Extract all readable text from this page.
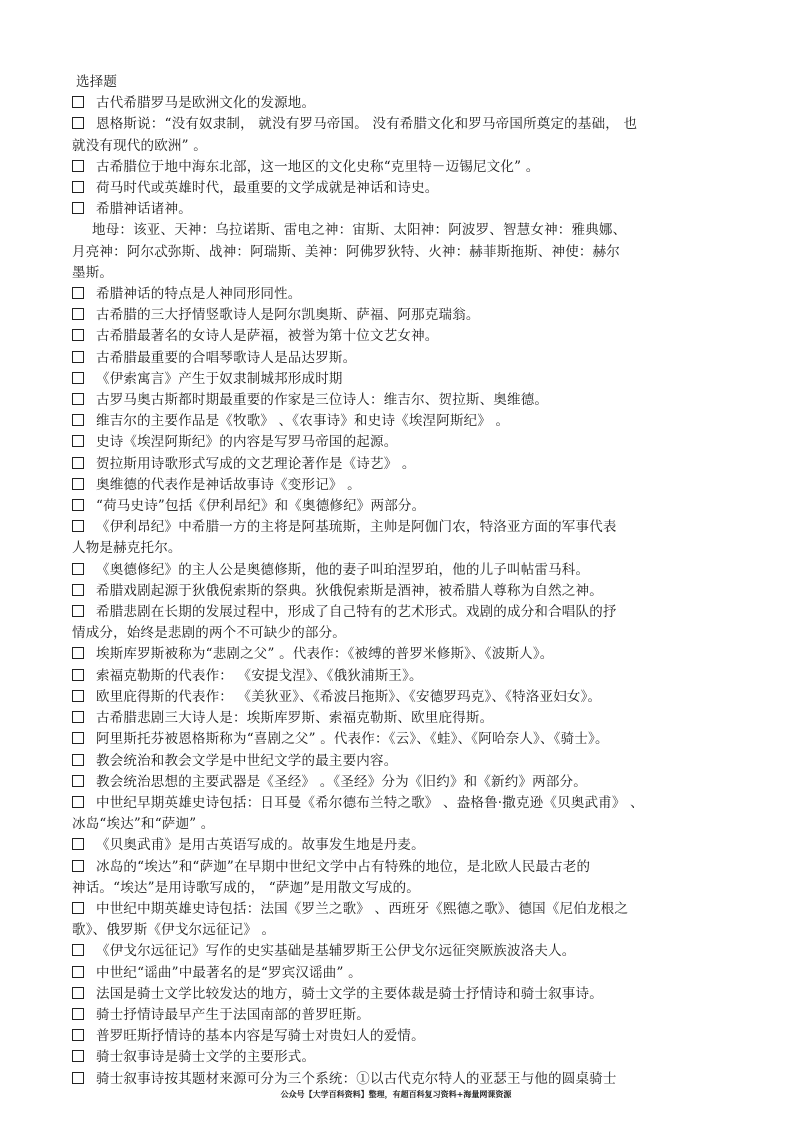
选择题
古代希腊罗马是欧洲文化的发源地。
恩格斯说：“没有奴隶制， 就没有罗马帝国。 没有希腊文化和罗马帝国所奠定的基础， 也
就没有现代的欧洲” 。
古希腊位于地中海东北部，这一地区的文化史称“克里特－迈锡尼文化” 。
荷马时代或英雄时代，最重要的文学成就是神话和诗史。
希腊神话诸神。
地母：该亚、天神：乌拉诺斯、雷电之神：宙斯、太阳神：阿波罗、智慧女神：雅典娜、
月亮神：阿尔忒弥斯、战神：阿瑞斯、美神：阿佛罗狄特、火神：赫菲斯拖斯、神使：赫尔
墨斯。
希腊神话的特点是人神同形同性。
古希腊的三大抒情竖歌诗人是阿尔凯奥斯、萨福、阿那克瑞翁。
古希腊最著名的女诗人是萨福，被誉为第十位文艺女神。
古希腊最重要的合唱琴歌诗人是品达罗斯。
《伊索寓言》产生于奴隶制城邦形成时期
古罗马奥古斯都时期最重要的作家是三位诗人：维吉尔、贺拉斯、奥维德。
维吉尔的主要作品是《牧歌》 、《农事诗》和史诗《埃涅阿斯纪》 。
史诗《埃涅阿斯纪》的内容是写罗马帝国的起源。
贺拉斯用诗歌形式写成的文艺理论著作是《诗艺》 。
奥维德的代表作是神话故事诗《变形记》 。
“荷马史诗”包括《伊利昂纪》和《奥德修纪》两部分。
《伊利昂纪》中希腊一方的主将是阿基琉斯，主帅是阿伽门农，特洛亚方面的军事代表
人物是赫克托尔。
《奥德修纪》的主人公是奥德修斯，他的妻子叫珀涅罗珀，他的儿子叫帖雷马科。
希腊戏剧起源于狄俄倪索斯的祭典。狄俄倪索斯是酒神，被希腊人尊称为自然之神。
希腊悲剧在长期的发展过程中，形成了自己特有的艺术形式。戏剧的成分和合唱队的抒
情成分，始终是悲剧的两个不可缺少的部分。
埃斯库罗斯被称为“悲剧之父” 。代表作：《被缚的普罗米修斯》、《波斯人》。
索福克勒斯的代表作： 《安提戈涅》、《俄狄浦斯王》。
欧里庇得斯的代表作： 《美狄亚》、《希波吕拖斯》、《安德罗玛克》、《特洛亚妇女》。
古希腊悲剧三大诗人是：埃斯库罗斯、索福克勒斯、欧里庇得斯。
阿里斯托芬被恩格斯称为“喜剧之父” 。代表作：《云》、《蛙》、《阿哈奈人》、《骑士》。
教会统治和教会文学是中世纪文学的最主要内容。
教会统治思想的主要武器是《圣经》 。《圣经》分为《旧约》和《新约》两部分。
中世纪早期英雄史诗包括：日耳曼《希尔德布兰特之歌》 、盎格鲁·撒克逊《贝奥武甫》 、
冰岛“埃达”和“萨迦” 。
《贝奥武甫》是用古英语写成的。故事发生地是丹麦。
冰岛的“埃达”和“萨迦”在早期中世纪文学中占有特殊的地位，是北欧人民最古老的
神话。“埃达”是用诗歌写成的， “萨迦”是用散文写成的。
中世纪中期英雄史诗包括：法国《罗兰之歌》 、西班牙《熙德之歌》、德国《尼伯龙根之
歌》、俄罗斯《伊戈尔远征记》 。
《伊戈尔远征记》写作的史实基础是基辅罗斯王公伊戈尔远征突厥族波洛夫人。
中世纪“谣曲”中最著名的是“罗宾汉谣曲” 。
法国是骑士文学比较发达的地方，骑士文学的主要体裁是骑士抒情诗和骑士叙事诗。
骑士抒情诗最早产生于法国南部的普罗旺斯。
普罗旺斯抒情诗的基本内容是写骑士对贵妇人的爱情。
骑士叙事诗是骑士文学的主要形式。
骑士叙事诗按其题材来源可分为三个系统：①以古代克尔特人的亚瑟王与他的圆桌骑士
公众号【大学百科资料】整理，有超百科复习资料+海量网课资源
